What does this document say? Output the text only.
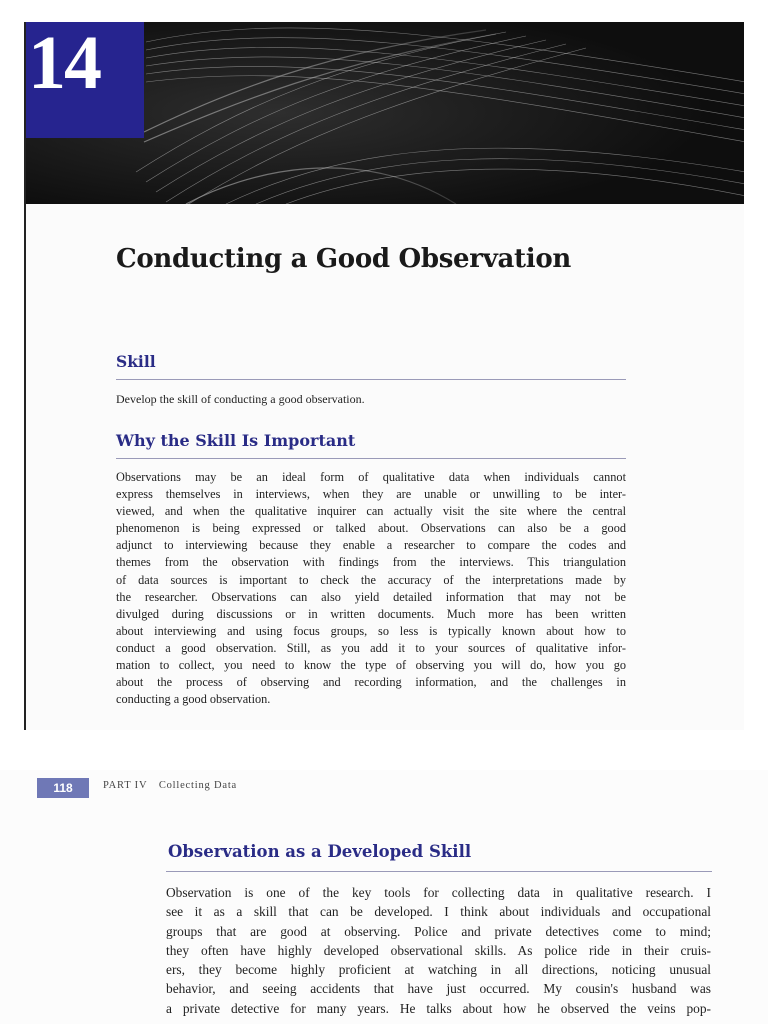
14
Conducting a Good Observation
Skill
Develop the skill of conducting a good observation.
Why the Skill Is Important
Observations may be an ideal form of qualitative data when individuals cannot
express themselves in interviews, when they are unable or unwilling to be inter-
viewed, and when the qualitative inquirer can actually visit the site where the central
phenomenon is being expressed or talked about. Observations can also be a good
adjunct to interviewing because they enable a researcher to compare the codes and
themes from the observation with findings from the interviews. This triangulation
of data sources is important to check the accuracy of the interpretations made by
the researcher. Observations can also yield detailed information that may not be
divulged during discussions or in written documents. Much more has been written
about interviewing and using focus groups, so less is typically known about how to
conduct a good observation. Still, as you add it to your sources of qualitative infor-
mation to collect, you need to know the type of observing you will do, how you go
about the process of observing and recording information, and the challenges in
conducting a good observation.
118	PART IV Collecting Data
Observation as a Developed Skill
Observation is one of the key tools for collecting data in qualitative research. I
see it as a skill that can be developed. I think about individuals and occupational
groups that are good at observing. Police and private detectives come to mind;
they often have highly developed observational skills. As police ride in their cruis-
ers, they become highly proficient at watching in all directions, noticing unusual
behavior, and seeing accidents that have just occurred. My cousin's husband was
a private detective for many years. He talks about how he observed the veins pop-
